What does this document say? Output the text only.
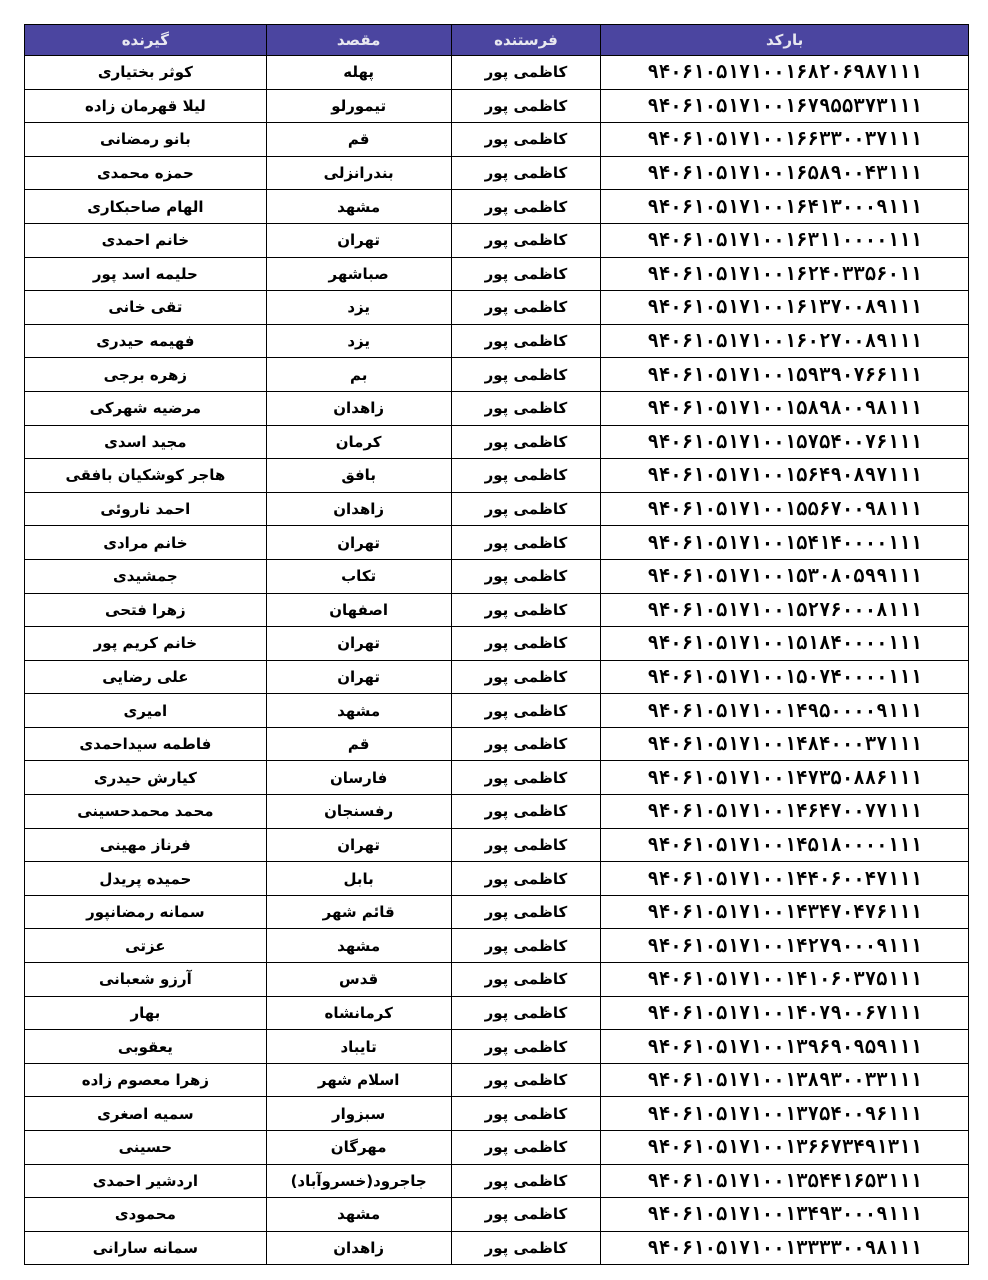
بارکد	فرستنده	مقصد	گیرنده
۹۴۰۶۱۰۵۱۷۱۰۰۱۶۸۲۰۶۹۸۷۱۱۱	کاظمی پور	پهله	کوثر بختیاری
۹۴۰۶۱۰۵۱۷۱۰۰۱۶۷۹۵۵۳۷۳۱۱۱	کاظمی پور	تیمورلو	لیلا قهرمان زاده
۹۴۰۶۱۰۵۱۷۱۰۰۱۶۶۳۳۰۰۳۷۱۱۱	کاظمی پور	قم	بانو رمضانی
۹۴۰۶۱۰۵۱۷۱۰۰۱۶۵۸۹۰۰۴۳۱۱۱	کاظمی پور	بندرانزلی	حمزه محمدی
۹۴۰۶۱۰۵۱۷۱۰۰۱۶۴۱۳۰۰۰۹۱۱۱	کاظمی پور	مشهد	الهام صاحبکاری
۹۴۰۶۱۰۵۱۷۱۰۰۱۶۳۱۱۰۰۰۰۱۱۱	کاظمی پور	تهران	خانم احمدی
۹۴۰۶۱۰۵۱۷۱۰۰۱۶۲۴۰۳۳۵۶۰۱۱	کاظمی پور	صباشهر	حلیمه اسد پور
۹۴۰۶۱۰۵۱۷۱۰۰۱۶۱۳۷۰۰۸۹۱۱۱	کاظمی پور	یزد	تقی خانی
۹۴۰۶۱۰۵۱۷۱۰۰۱۶۰۲۷۰۰۸۹۱۱۱	کاظمی پور	یزد	فهیمه حیدری
۹۴۰۶۱۰۵۱۷۱۰۰۱۵۹۳۹۰۷۶۶۱۱۱	کاظمی پور	بم	زهره برجی
۹۴۰۶۱۰۵۱۷۱۰۰۱۵۸۹۸۰۰۹۸۱۱۱	کاظمی پور	زاهدان	مرضیه شهرکی
۹۴۰۶۱۰۵۱۷۱۰۰۱۵۷۵۴۰۰۷۶۱۱۱	کاظمی پور	کرمان	مجید اسدی
۹۴۰۶۱۰۵۱۷۱۰۰۱۵۶۴۹۰۸۹۷۱۱۱	کاظمی پور	بافق	هاجر کوشکیان بافقی
۹۴۰۶۱۰۵۱۷۱۰۰۱۵۵۶۷۰۰۹۸۱۱۱	کاظمی پور	زاهدان	احمد ناروئی
۹۴۰۶۱۰۵۱۷۱۰۰۱۵۴۱۴۰۰۰۰۱۱۱	کاظمی پور	تهران	خانم مرادی
۹۴۰۶۱۰۵۱۷۱۰۰۱۵۳۰۸۰۵۹۹۱۱۱	کاظمی پور	تکاب	جمشیدی
۹۴۰۶۱۰۵۱۷۱۰۰۱۵۲۷۶۰۰۰۸۱۱۱	کاظمی پور	اصفهان	زهرا فتحی
۹۴۰۶۱۰۵۱۷۱۰۰۱۵۱۸۴۰۰۰۰۱۱۱	کاظمی پور	تهران	خانم کریم پور
۹۴۰۶۱۰۵۱۷۱۰۰۱۵۰۷۴۰۰۰۰۱۱۱	کاظمی پور	تهران	علی رضایی
۹۴۰۶۱۰۵۱۷۱۰۰۱۴۹۵۰۰۰۰۹۱۱۱	کاظمی پور	مشهد	امیری
۹۴۰۶۱۰۵۱۷۱۰۰۱۴۸۴۰۰۰۳۷۱۱۱	کاظمی پور	قم	فاطمه سیداحمدی
۹۴۰۶۱۰۵۱۷۱۰۰۱۴۷۳۵۰۸۸۶۱۱۱	کاظمی پور	فارسان	کیارش حیدری
۹۴۰۶۱۰۵۱۷۱۰۰۱۴۶۴۷۰۰۷۷۱۱۱	کاظمی پور	رفسنجان	محمد محمدحسینی
۹۴۰۶۱۰۵۱۷۱۰۰۱۴۵۱۸۰۰۰۰۱۱۱	کاظمی پور	تهران	فرناز مهینی
۹۴۰۶۱۰۵۱۷۱۰۰۱۴۴۰۶۰۰۴۷۱۱۱	کاظمی پور	بابل	حمیده پریدل
۹۴۰۶۱۰۵۱۷۱۰۰۱۴۳۴۷۰۴۷۶۱۱۱	کاظمی پور	قائم شهر	سمانه رمضانپور
۹۴۰۶۱۰۵۱۷۱۰۰۱۴۲۷۹۰۰۰۹۱۱۱	کاظمی پور	مشهد	عزتی
۹۴۰۶۱۰۵۱۷۱۰۰۱۴۱۰۶۰۳۷۵۱۱۱	کاظمی پور	قدس	آرزو شعبانی
۹۴۰۶۱۰۵۱۷۱۰۰۱۴۰۷۹۰۰۶۷۱۱۱	کاظمی پور	کرمانشاه	بهار
۹۴۰۶۱۰۵۱۷۱۰۰۱۳۹۶۹۰۹۵۹۱۱۱	کاظمی پور	تایباد	یعقوبی
۹۴۰۶۱۰۵۱۷۱۰۰۱۳۸۹۳۰۰۳۳۱۱۱	کاظمی پور	اسلام شهر	زهرا معصوم زاده
۹۴۰۶۱۰۵۱۷۱۰۰۱۳۷۵۴۰۰۹۶۱۱۱	کاظمی پور	سبزوار	سمیه اصغری
۹۴۰۶۱۰۵۱۷۱۰۰۱۳۶۶۷۳۴۹۱۳۱۱	کاظمی پور	مهرگان	حسینی
۹۴۰۶۱۰۵۱۷۱۰۰۱۳۵۴۴۱۶۵۳۱۱۱	کاظمی پور	جاجرود(خسروآباد)	اردشیر احمدی
۹۴۰۶۱۰۵۱۷۱۰۰۱۳۴۹۳۰۰۰۹۱۱۱	کاظمی پور	مشهد	محمودی
۹۴۰۶۱۰۵۱۷۱۰۰۱۳۳۳۳۰۰۹۸۱۱۱	کاظمی پور	زاهدان	سمانه سارانی
